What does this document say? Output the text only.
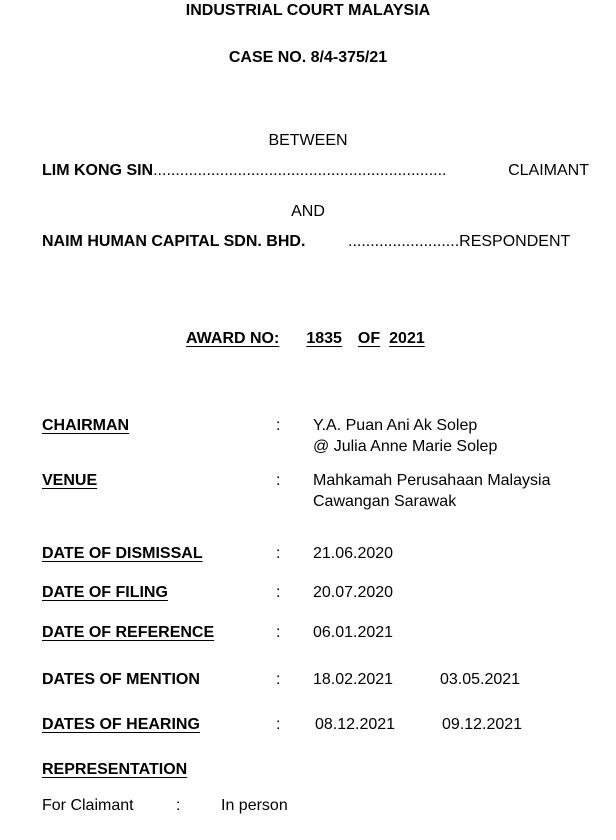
INDUSTRIAL COURT MALAYSIA
CASE NO. 8/4-375/21
BETWEEN
LIM KONG SIN..................................................................	CLAIMANT
AND
NAIM HUMAN CAPITAL SDN. BHD.	.........................RESPONDENT
AWARD NO: 1835 OF 2021
CHAIRMAN	: Y.A. Puan Ani Ak Solep
@ Julia Anne Marie Solep
VENUE	: Mahkamah Perusahaan Malaysia
Cawangan Sarawak
DATE OF DISMISSAL	: 21.06.2020
DATE OF FILING	: 20.07.2020
DATE OF REFERENCE	: 06.01.2021
DATES OF MENTION	: 18.02.2021	03.05.2021
DATES OF HEARING	: 08.12.2021	09.12.2021
REPRESENTATION
For Claimant	:	In person
